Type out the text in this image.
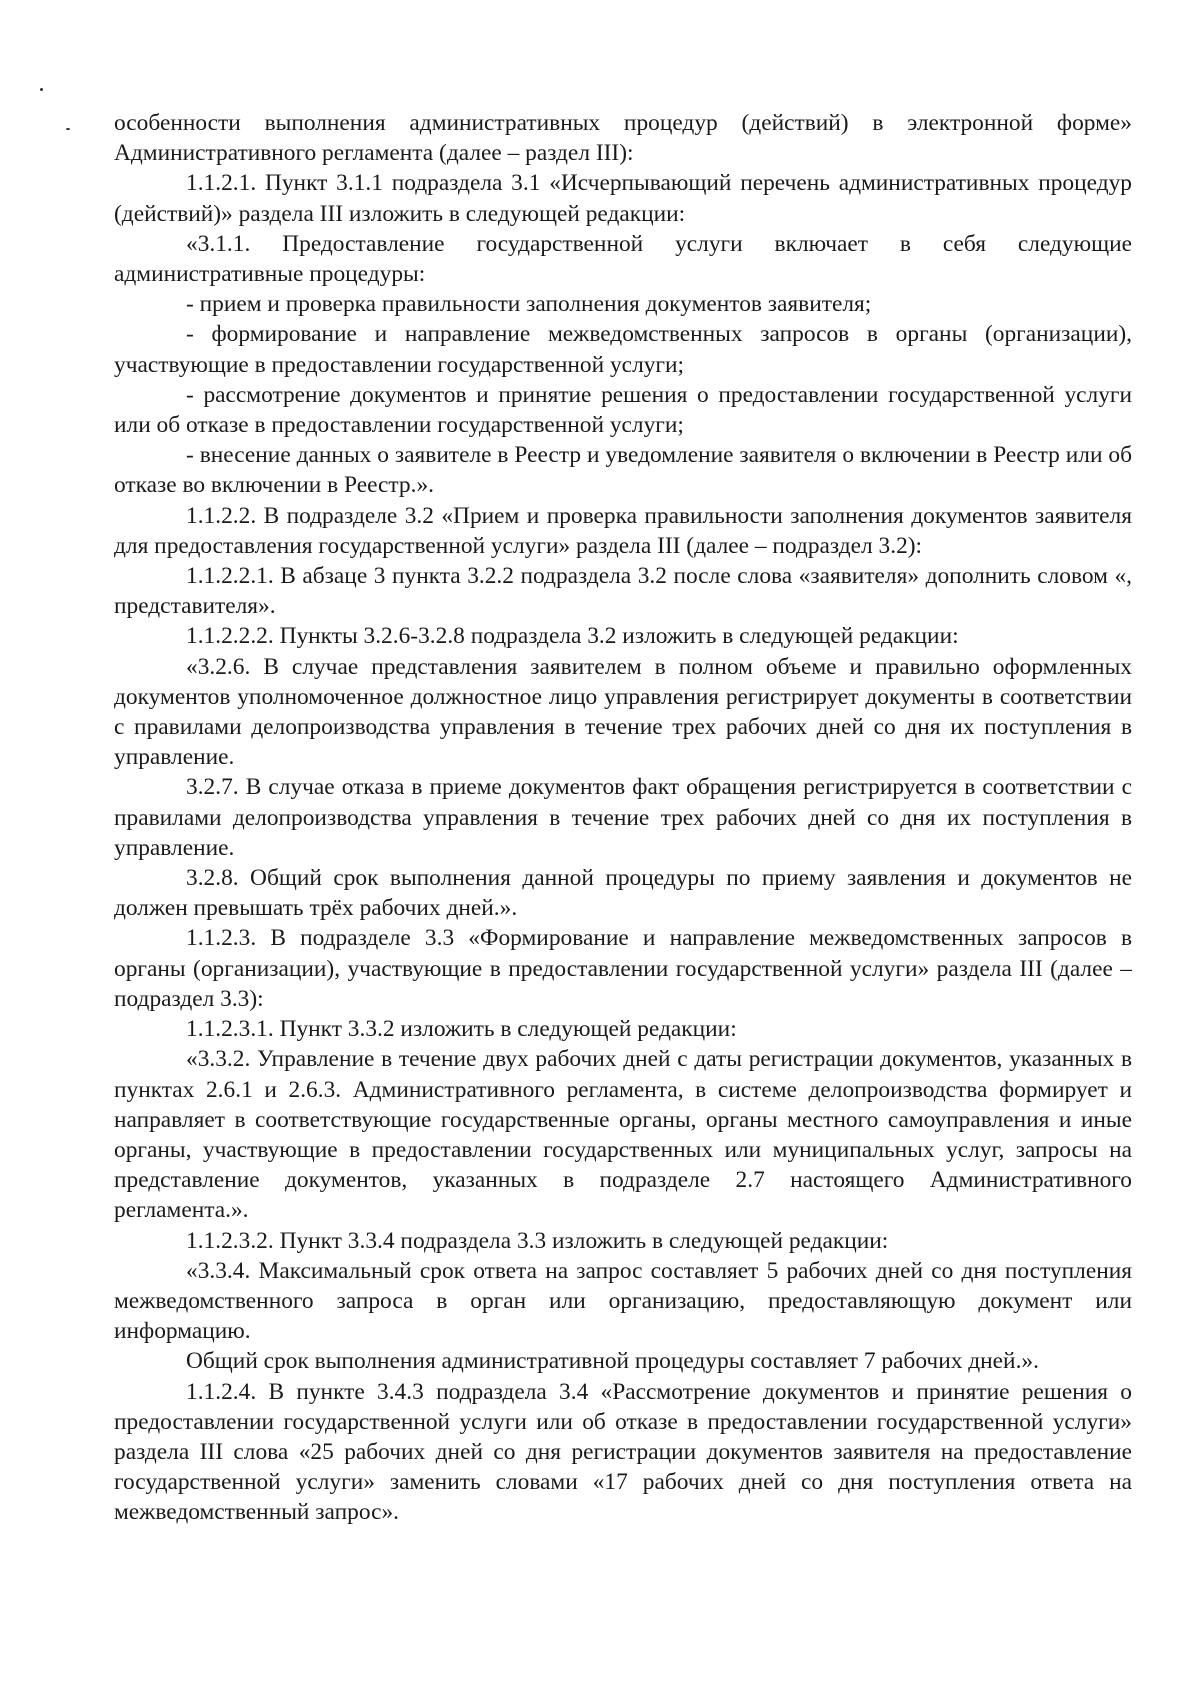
особенности выполнения административных процедур (действий) в электронной форме» Административного регламента (далее – раздел III):

1.1.2.1. Пункт 3.1.1 подраздела 3.1 «Исчерпывающий перечень административных процедур (действий)» раздела III изложить в следующей редакции:

«3.1.1. Предоставление государственной услуги включает в себя следующие административные процедуры:

- прием и проверка правильности заполнения документов заявителя;

- формирование и направление межведомственных запросов в органы (организации), участвующие в предоставлении государственной услуги;

- рассмотрение документов и принятие решения о предоставлении государственной услуги или об отказе в предоставлении государственной услуги;

- внесение данных о заявителе в Реестр и уведомление заявителя о включении в Реестр или об отказе во включении в Реестр.».

1.1.2.2. В подразделе 3.2 «Прием и проверка правильности заполнения документов заявителя для предоставления государственной услуги» раздела III (далее – подраздел 3.2):

1.1.2.2.1. В абзаце 3 пункта 3.2.2 подраздела 3.2 после слова «заявителя» дополнить словом «, представителя».

1.1.2.2.2. Пункты 3.2.6-3.2.8 подраздела 3.2 изложить в следующей редакции:

«3.2.6. В случае представления заявителем в полном объеме и правильно оформленных документов уполномоченное должностное лицо управления регистрирует документы в соответствии с правилами делопроизводства управления в течение трех рабочих дней со дня их поступления в управление.

3.2.7. В случае отказа в приеме документов факт обращения регистрируется в соответствии с правилами делопроизводства управления в течение трех рабочих дней со дня их поступления в управление.

3.2.8. Общий срок выполнения данной процедуры по приему заявления и документов не должен превышать трёх рабочих дней.».

1.1.2.3. В подразделе 3.3 «Формирование и направление межведомственных запросов в органы (организации), участвующие в предоставлении государственной услуги» раздела III (далее – подраздел 3.3):

1.1.2.3.1. Пункт 3.3.2 изложить в следующей редакции:

«3.3.2. Управление в течение двух рабочих дней с даты регистрации документов, указанных в пунктах 2.6.1 и 2.6.3. Административного регламента, в системе делопроизводства формирует и направляет в соответствующие государственные органы, органы местного самоуправления и иные органы, участвующие в предоставлении государственных или муниципальных услуг, запросы на представление документов, указанных в подразделе 2.7 настоящего Административного регламента.».

1.1.2.3.2. Пункт 3.3.4 подраздела 3.3 изложить в следующей редакции:

«3.3.4. Максимальный срок ответа на запрос составляет 5 рабочих дней со дня поступления межведомственного запроса в орган или организацию, предоставляющую документ или информацию.

Общий срок выполнения административной процедуры составляет 7 рабочих дней.».

1.1.2.4. В пункте 3.4.3 подраздела 3.4 «Рассмотрение документов и принятие решения о предоставлении государственной услуги или об отказе в предоставлении государственной услуги» раздела III слова «25 рабочих дней со дня регистрации документов заявителя на предоставление государственной услуги» заменить словами «17 рабочих дней со дня поступления ответа на межведомственный запрос».
